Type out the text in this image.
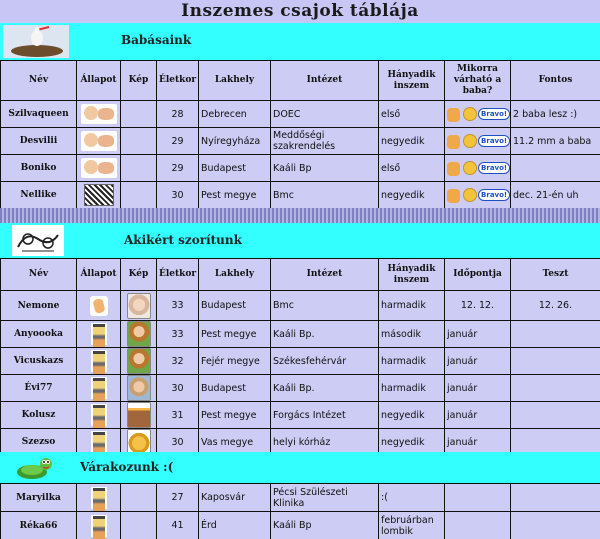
Inszemes csajok táblája
Babásaink
Név	Állapot	Kép	Életkor	Lakhely	Intézet	Hányadik inszem	Mikorra várható a baba?	Fontos
Szilvaqueen			28	Debrecen	DOEC	első	Bravo!	2 baba lesz :)
Desvilii			29	Nyíregyháza	Meddőségi szakrendelés	negyedik	Bravo!	11.2 mm a baba
Boniko			29	Budapest	Kaáli Bp	első	Bravo!	
Nellike			30	Pest megye	Bmc	negyedik	Bravo!	dec. 21-én uh
Akikért szorítunk
Név	Állapot	Kép	Életkor	Lakhely	Intézet	Hányadik inszem	Időpontja	Teszt
Nemone			33	Budapest	Bmc	harmadik	12. 12.	12. 26.
Anyoooka			33	Pest megye	Kaáli Bp.	második	január	
Vicuskazs			32	Fejér megye	Székesfehérvár	harmadik	január	
Évi77			30	Budapest	Kaáli Bp.	harmadik	január	
Kolusz			31	Pest megye	Forgács Intézet	negyedik	január	
Szezso			30	Vas megye	helyi kórház	negyedik	január	
Várakozunk :(
Maryilka			27	Kaposvár	Pécsi Szülészeti Klinika	:(		
Réka66			41	Érd	Kaáli Bp	februárban lombik		
